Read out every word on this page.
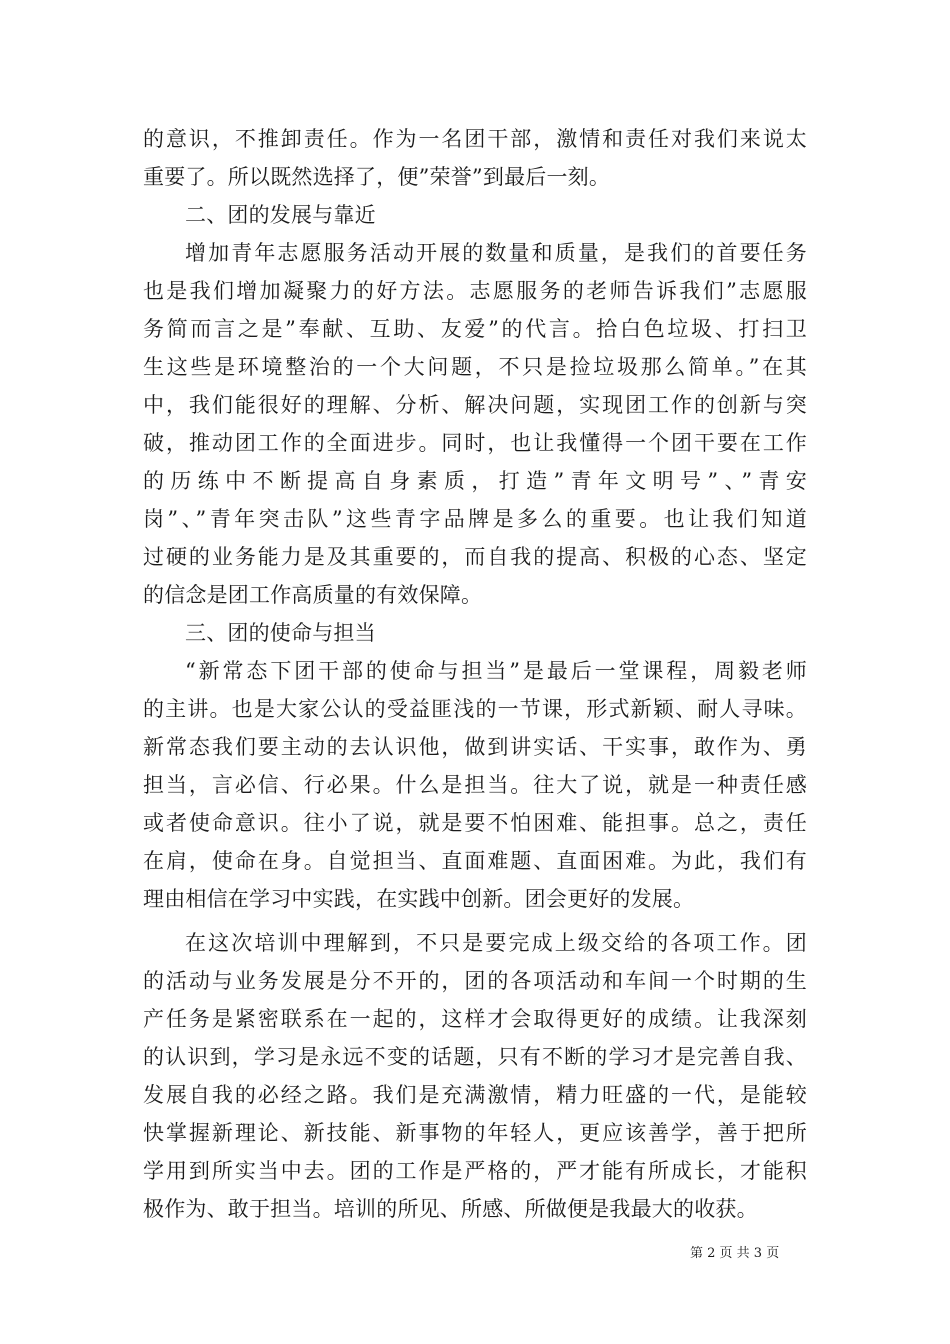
的意识，不推卸责任。作为一名团干部，激情和责任对我们来说太
重要了。所以既然选择了，便”荣誉”到最后一刻。
二、团的发展与靠近
增加青年志愿服务活动开展的数量和质量，是我们的首要任务
也是我们增加凝聚力的好方法。志愿服务的老师告诉我们”志愿服
务简而言之是”奉献、互助、友爱”的代言。拾白色垃圾、打扫卫
生这些是环境整治的一个大问题，不只是捡垃圾那么简单。”在其
中，我们能很好的理解、分析、解决问题，实现团工作的创新与突
破，推动团工作的全面进步。同时，也让我懂得一个团干要在工作
的历练中不断提高自身素质，打造”青年文明号”、”青安
岗”、”青年突击队”这些青字品牌是多么的重要。也让我们知道
过硬的业务能力是及其重要的，而自我的提高、积极的心态、坚定
的信念是团工作高质量的有效保障。
三、团的使命与担当
“新常态下团干部的使命与担当”是最后一堂课程，周毅老师
的主讲。也是大家公认的受益匪浅的一节课，形式新颖、耐人寻味。
新常态我们要主动的去认识他，做到讲实话、干实事，敢作为、勇
担当，言必信、行必果。什么是担当。往大了说，就是一种责任感
或者使命意识。往小了说，就是要不怕困难、能担事。总之，责任
在肩，使命在身。自觉担当、直面难题、直面困难。为此，我们有
理由相信在学习中实践，在实践中创新。团会更好的发展。
在这次培训中理解到，不只是要完成上级交给的各项工作。团
的活动与业务发展是分不开的，团的各项活动和车间一个时期的生
产任务是紧密联系在一起的，这样才会取得更好的成绩。让我深刻
的认识到，学习是永远不变的话题，只有不断的学习才是完善自我、
发展自我的必经之路。我们是充满激情，精力旺盛的一代，是能较
快掌握新理论、新技能、新事物的年轻人，更应该善学，善于把所
学用到所实当中去。团的工作是严格的，严才能有所成长，才能积
极作为、敢于担当。培训的所见、所感、所做便是我最大的收获。
第 2 页 共 3 页
